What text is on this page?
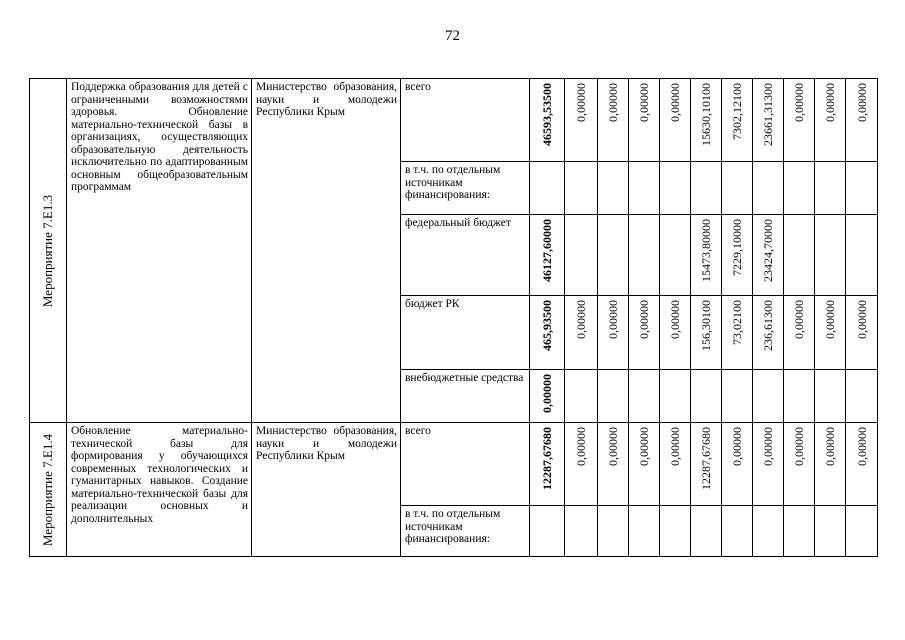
72
Мероприятие 7.Е1.3	Поддержка образования для детей с ограниченными возможностями здоровья. Обновление материально-технической базы в организациях, осуществляющих образовательную деятельность исключительно по адаптированным основным общеобразовательным программам	Министерство образования, науки и молодежи Республики Крым	всего	46593,53500	0,00000	0,00000	0,00000	0,00000	15630,10100	7302,12100	23661,31300	0,00000	0,00000	0,00000

			в т.ч. по отдельным источникам финансирования:											

			федеральный бюджет	46127,60000					15473,80000	7229,10000	23424,70000			

			бюджет РК	465,93500	0,00000	0,00000	0,00000	0,00000	156,30100	73,02100	236,61300	0,00000	0,00000	0,00000

			внебюджетные средства	0,00000										

Мероприятие 7.Е1.4	Обновление материально-технической базы для формирования у обучающихся современных технологических и гуманитарных навыков. Создание материально-технической базы для реализации основных и дополнительных	Министерство образования, науки и молодежи Республики Крым	всего	12287,67680	0,00000	0,00000	0,00000	0,00000	12287,67680	0,00000	0,00000	0,00000	0,00000	0,00000

			в т.ч. по отдельным источникам финансирования:											
